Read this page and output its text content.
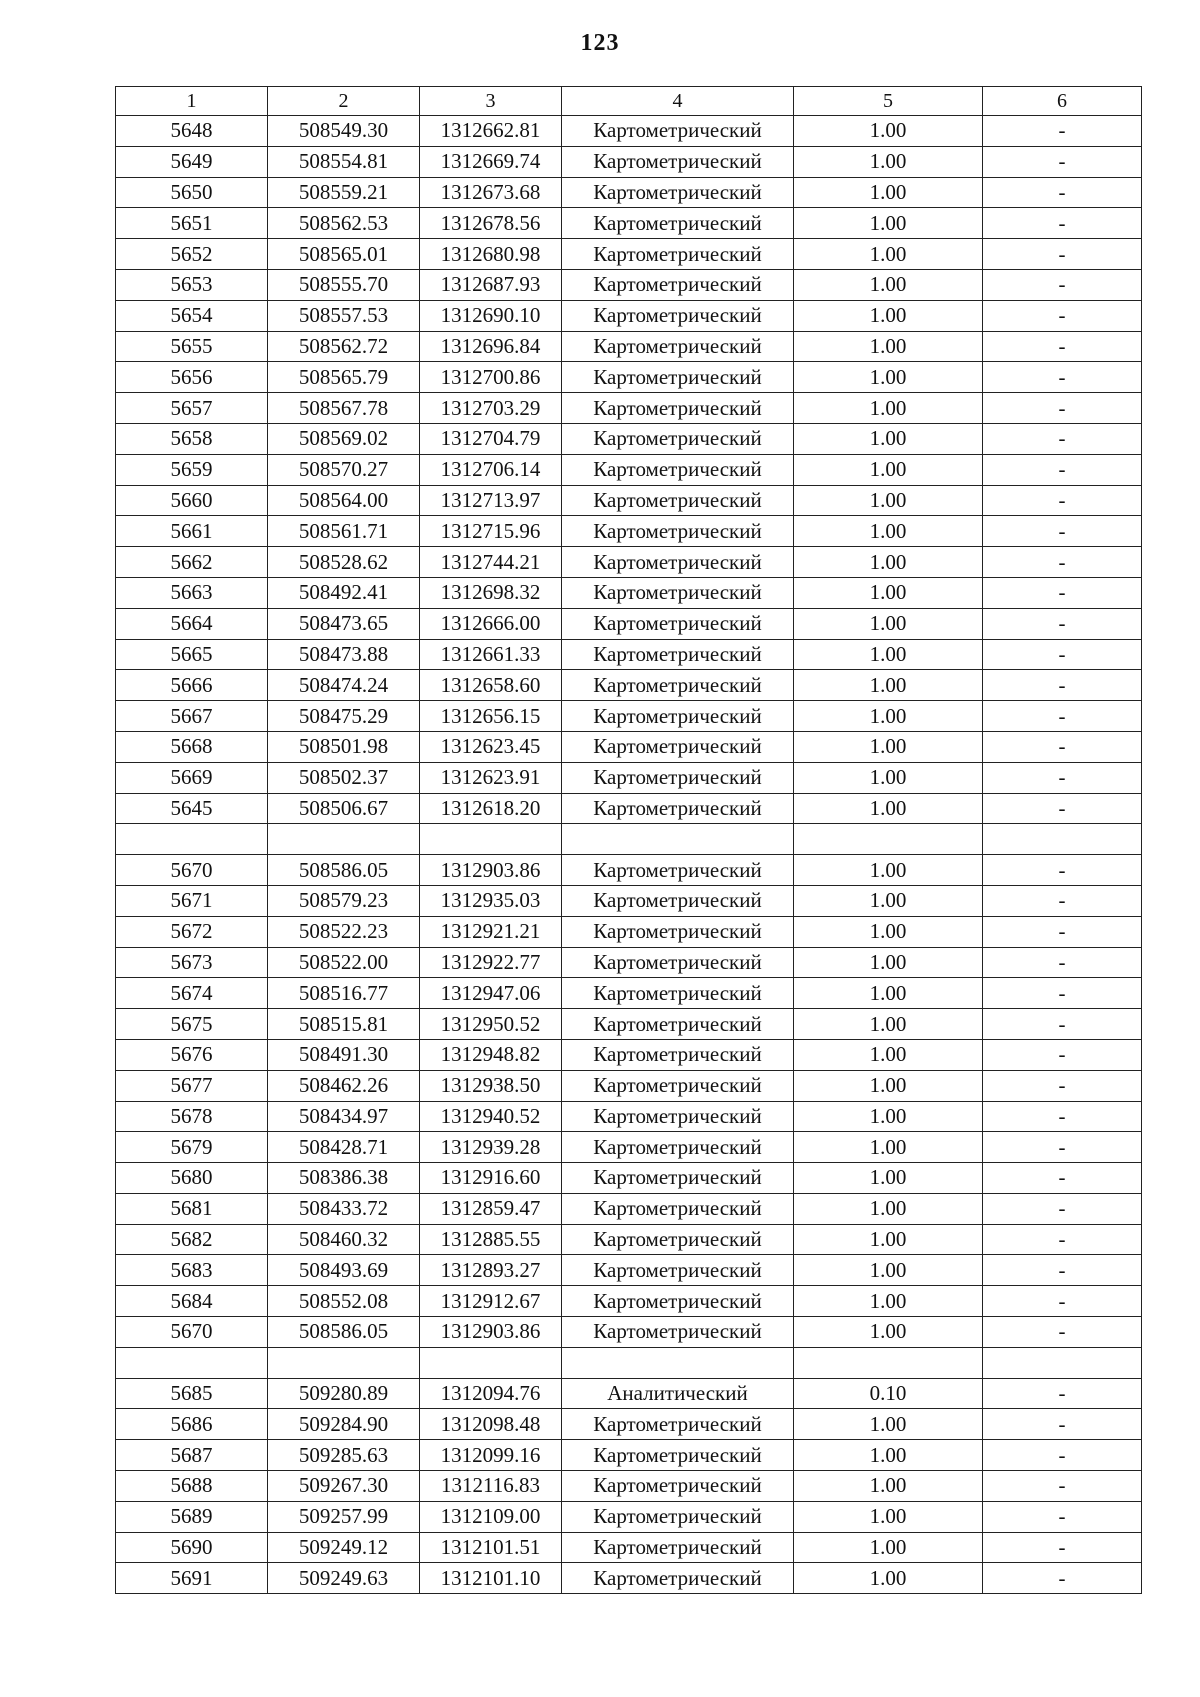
123
1	2	3	4	5	6
5648	508549.30	1312662.81	Картометрический	1.00	-
5649	508554.81	1312669.74	Картометрический	1.00	-
5650	508559.21	1312673.68	Картометрический	1.00	-
5651	508562.53	1312678.56	Картометрический	1.00	-
5652	508565.01	1312680.98	Картометрический	1.00	-
5653	508555.70	1312687.93	Картометрический	1.00	-
5654	508557.53	1312690.10	Картометрический	1.00	-
5655	508562.72	1312696.84	Картометрический	1.00	-
5656	508565.79	1312700.86	Картометрический	1.00	-
5657	508567.78	1312703.29	Картометрический	1.00	-
5658	508569.02	1312704.79	Картометрический	1.00	-
5659	508570.27	1312706.14	Картометрический	1.00	-
5660	508564.00	1312713.97	Картометрический	1.00	-
5661	508561.71	1312715.96	Картометрический	1.00	-
5662	508528.62	1312744.21	Картометрический	1.00	-
5663	508492.41	1312698.32	Картометрический	1.00	-
5664	508473.65	1312666.00	Картометрический	1.00	-
5665	508473.88	1312661.33	Картометрический	1.00	-
5666	508474.24	1312658.60	Картометрический	1.00	-
5667	508475.29	1312656.15	Картометрический	1.00	-
5668	508501.98	1312623.45	Картометрический	1.00	-
5669	508502.37	1312623.91	Картометрический	1.00	-
5645	508506.67	1312618.20	Картометрический	1.00	-

5670	508586.05	1312903.86	Картометрический	1.00	-
5671	508579.23	1312935.03	Картометрический	1.00	-
5672	508522.23	1312921.21	Картометрический	1.00	-
5673	508522.00	1312922.77	Картометрический	1.00	-
5674	508516.77	1312947.06	Картометрический	1.00	-
5675	508515.81	1312950.52	Картометрический	1.00	-
5676	508491.30	1312948.82	Картометрический	1.00	-
5677	508462.26	1312938.50	Картометрический	1.00	-
5678	508434.97	1312940.52	Картометрический	1.00	-
5679	508428.71	1312939.28	Картометрический	1.00	-
5680	508386.38	1312916.60	Картометрический	1.00	-
5681	508433.72	1312859.47	Картометрический	1.00	-
5682	508460.32	1312885.55	Картометрический	1.00	-
5683	508493.69	1312893.27	Картометрический	1.00	-
5684	508552.08	1312912.67	Картометрический	1.00	-
5670	508586.05	1312903.86	Картометрический	1.00	-

5685	509280.89	1312094.76	Аналитический	0.10	-
5686	509284.90	1312098.48	Картометрический	1.00	-
5687	509285.63	1312099.16	Картометрический	1.00	-
5688	509267.30	1312116.83	Картометрический	1.00	-
5689	509257.99	1312109.00	Картометрический	1.00	-
5690	509249.12	1312101.51	Картометрический	1.00	-
5691	509249.63	1312101.10	Картометрический	1.00	-
